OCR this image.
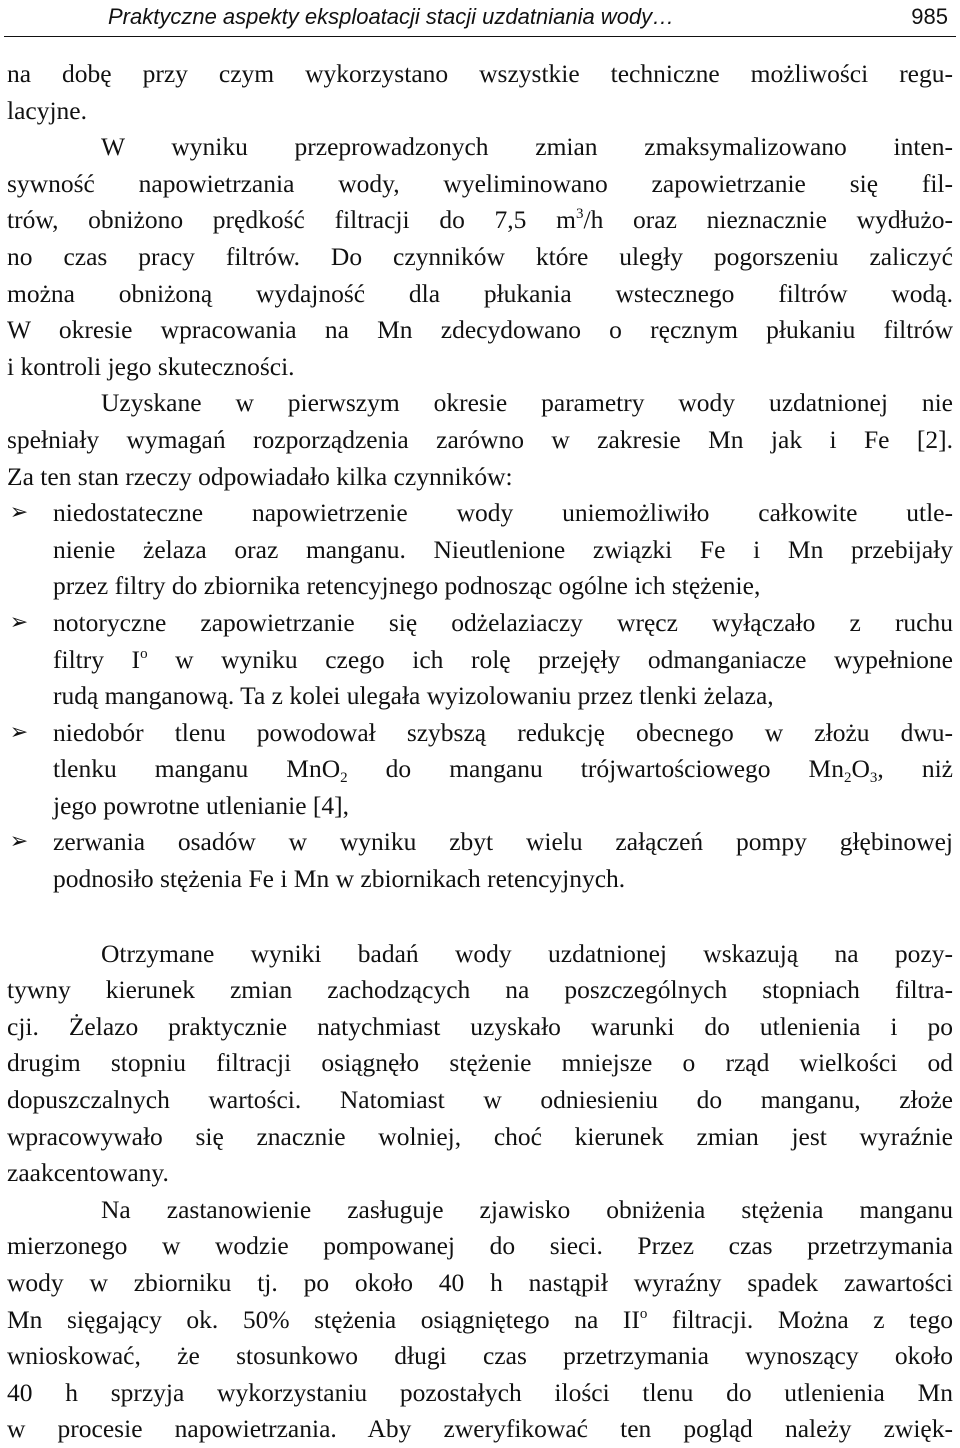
Praktyczne aspekty eksploatacji stacji uzdatniania wody…	985
na dobę przy czym wykorzystano wszystkie techniczne możliwości regu-
lacyjne.
W wyniku przeprowadzonych zmian zmaksymalizowano inten-
sywność napowietrzania wody, wyeliminowano zapowietrzanie się fil-
trów, obniżono prędkość filtracji do 7,5 $m^3/h$ oraz nieznacznie wydłużo-
no czas pracy filtrów. Do czynników które uległy pogorszeniu zaliczyć
można obniżoną wydajność dla płukania wstecznego filtrów wodą.
W okresie wpracowania na Mn zdecydowano o ręcznym płukaniu filtrów
i kontroli jego skuteczności.
Uzyskane w pierwszym okresie parametry wody uzdatnionej nie
spełniały wymagań rozporządzenia zarówno w zakresie Mn jak i Fe [2].
Za ten stan rzeczy odpowiadało kilka czynników:
➢ niedostateczne napowietrzenie wody uniemożliwiło całkowite utle-
nienie żelaza oraz manganu. Nieutlenione związki Fe i Mn przebijały
przez filtry do zbiornika retencyjnego podnosząc ogólne ich stężenie,
➢ notoryczne zapowietrzanie się odżelaziaczy wręcz wyłączało z ruchu
filtry $I^o$ w wyniku czego ich rolę przejęły odmanganiacze wypełnione
rudą manganową. Ta z kolei ulegała wyizolowaniu przez tlenki żelaza,
➢ niedobór tlenu powodował szybszą redukcję obecnego w złożu dwu-
tlenku manganu MnO$_2$ do manganu trójwartościowego $Mn_2O_3$, niż
jego powrotne utlenianie [4],
➢ zerwania osadów w wyniku zbyt wielu załączeń pompy głębinowej
podnosiło stężenia Fe i Mn w zbiornikach retencyjnych.
Otrzymane wyniki badań wody uzdatnionej wskazują na pozy-
tywny kierunek zmian zachodzących na poszczególnych stopniach filtra-
cji. Żelazo praktycznie natychmiast uzyskało warunki do utlenienia i po
drugim stopniu filtracji osiągnęło stężenie mniejsze o rząd wielkości od
dopuszczalnych wartości. Natomiast w odniesieniu do manganu, złoże
wpracowywało się znacznie wolniej, choć kierunek zmian jest wyraźnie
zaakcentowany.
Na zastanowienie zasługuje zjawisko obniżenia stężenia manganu
mierzonego w wodzie pompowanej do sieci. Przez czas przetrzymania
wody w zbiorniku tj. po około 40 h nastąpił wyraźny spadek zawartości
Mn sięgający ok. 50% stężenia osiągniętego na $II^o$ filtracji. Można z tego
wnioskować, że stosunkowo długi czas przetrzymania wynoszący około
40 h sprzyja wykorzystaniu pozostałych ilości tlenu do utlenienia Mn
w procesie napowietrzania. Aby zweryfikować ten pogląd należy zwięk-
